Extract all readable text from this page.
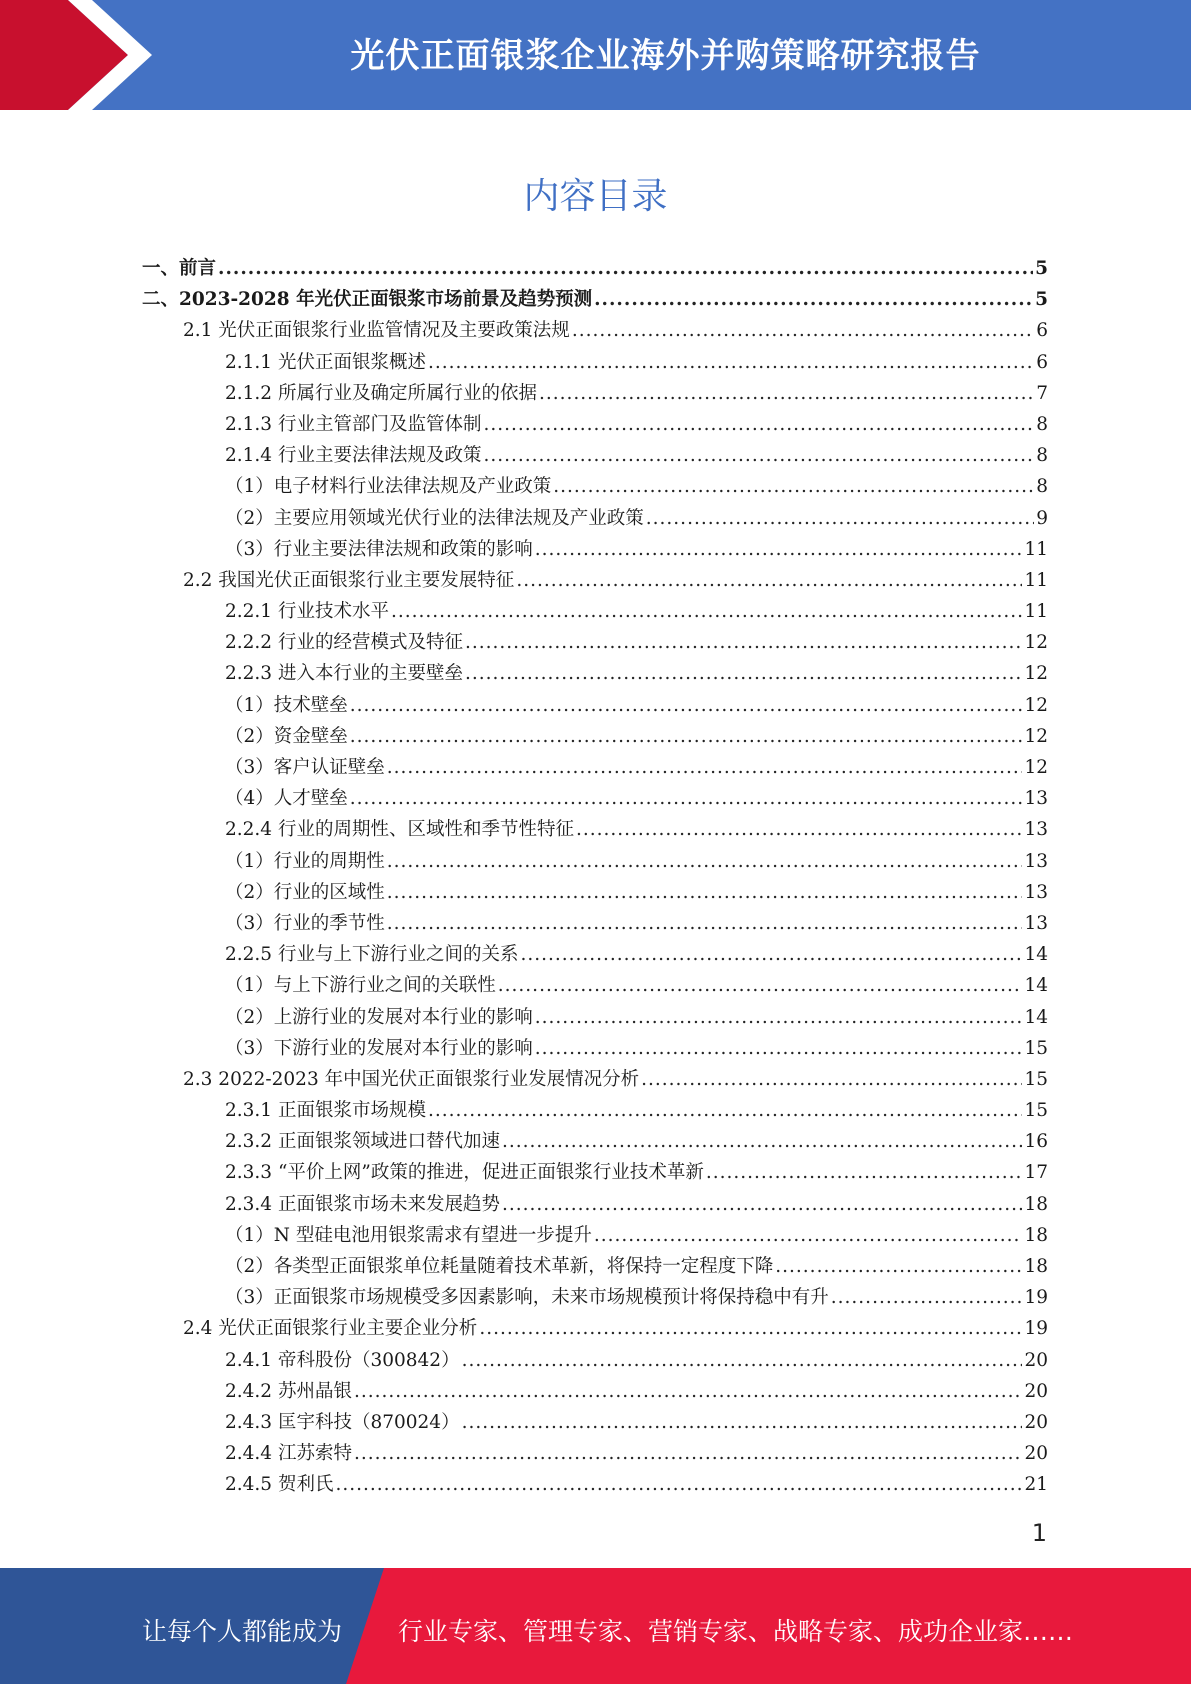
光伏正面银浆企业海外并购策略研究报告
内容目录
一、前言 .....	5
二、2023-2028 年光伏正面银浆市场前景及趋势预测 .....	5
2.1 光伏正面银浆行业监管情况及主要政策法规 .....	6
2.1.1 光伏正面银浆概述 .....	6
2.1.2 所属行业及确定所属行业的依据 .....	7
2.1.3 行业主管部门及监管体制 .....	8
2.1.4 行业主要法律法规及政策 .....	8
（1）电子材料行业法律法规及产业政策 .....	8
（2）主要应用领域光伏行业的法律法规及产业政策 .....	9
（3）行业主要法律法规和政策的影响 .....	11
2.2 我国光伏正面银浆行业主要发展特征 .....	11
2.2.1 行业技术水平 .....	11
2.2.2 行业的经营模式及特征 .....	12
2.2.3 进入本行业的主要壁垒 .....	12
（1）技术壁垒 .....	12
（2）资金壁垒 .....	12
（3）客户认证壁垒 .....	12
（4）人才壁垒 .....	13
2.2.4 行业的周期性、区域性和季节性特征 .....	13
（1）行业的周期性 .....	13
（2）行业的区域性 .....	13
（3）行业的季节性 .....	13
2.2.5 行业与上下游行业之间的关系 .....	14
（1）与上下游行业之间的关联性 .....	14
（2）上游行业的发展对本行业的影响 .....	14
（3）下游行业的发展对本行业的影响 .....	15
2.3 2022-2023 年中国光伏正面银浆行业发展情况分析 .....	15
2.3.1 正面银浆市场规模 .....	15
2.3.2 正面银浆领域进口替代加速 .....	16
2.3.3 “平价上网”政策的推进，促进正面银浆行业技术革新 .....	17
2.3.4 正面银浆市场未来发展趋势 .....	18
（1）N 型硅电池用银浆需求有望进一步提升 .....	18
（2）各类型正面银浆单位耗量随着技术革新，将保持一定程度下降 .....	18
（3）正面银浆市场规模受多因素影响，未来市场规模预计将保持稳中有升 .....	19
2.4 光伏正面银浆行业主要企业分析 .....	19
2.4.1 帝科股份（300842） .....	20
2.4.2 苏州晶银 .....	20
2.4.3 匡宇科技（870024） .....	20
2.4.4 江苏索特 .....	20
2.4.5 贺利氏 .....	21
1
让每个人都能成为 行业专家、管理专家、营销专家、战略专家、成功企业家……
